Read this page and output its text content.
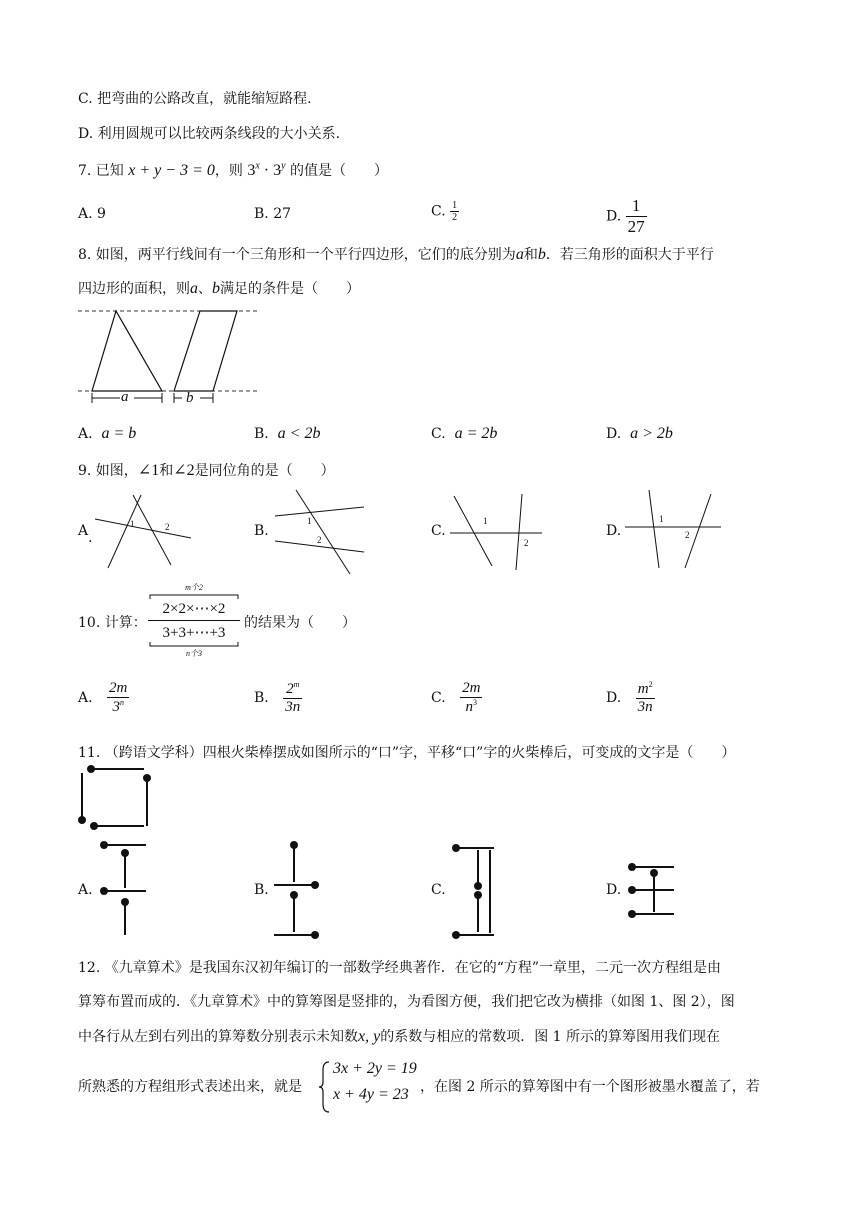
C. 把弯曲的公路改直，就能缩短路程.
D. 利用圆规可以比较两条线段的大小关系.
7. 已知 x + y − 3 = 0，则 $3^x \cdot 3^y$ 的值是（　　）
A. 9	B. 27	C. $\frac{1}{2}$	D. $\frac{1}{27}$
8. 如图，两平行线间有一个三角形和一个平行四边形，它们的底分别为a和b．若三角形的面积大于平行
四边形的面积，则a、b满足的条件是（　　）
a	b
A. a = b	B. a < 2b	C. a = 2b	D. a > 2b
9. 如图，∠1和∠2是同位角的是（　　）
A .
1	2	B.
1
2
C.
1
2
D.
1
2
10. 计算：
m个2
2×2×⋯×2
3+3+⋯+3
n个3
的结果为（　　）
A. $\frac{2m}{3^n}$	B. $\frac{2^m}{3n}$	C. $\frac{2m}{n^3}$	D. $\frac{m^2}{3n}$
11. （跨语文学科）四根火柴棒摆成如图所示的“口”字，平移“口”字的火柴棒后，可变成的文字是（　　）
A.	B.	C.	D.
12. 《九章算术》是我国东汉初年编订的一部数学经典著作．在它的“方程”一章里，二元一次方程组是由
算筹布置而成的．《九章算术》中的算筹图是竖排的，为看图方便，我们把它改为横排（如图 1、图 2），图
中各行从左到右列出的算筹数分别表示未知数x, y的系数与相应的常数项．图 1 所示的算筹图用我们现在
所熟悉的方程组形式表述出来，就是
3x + 2y = 19
x + 4y = 23 ，在图 2 所示的算筹图中有一个图形被墨水覆盖了，若
